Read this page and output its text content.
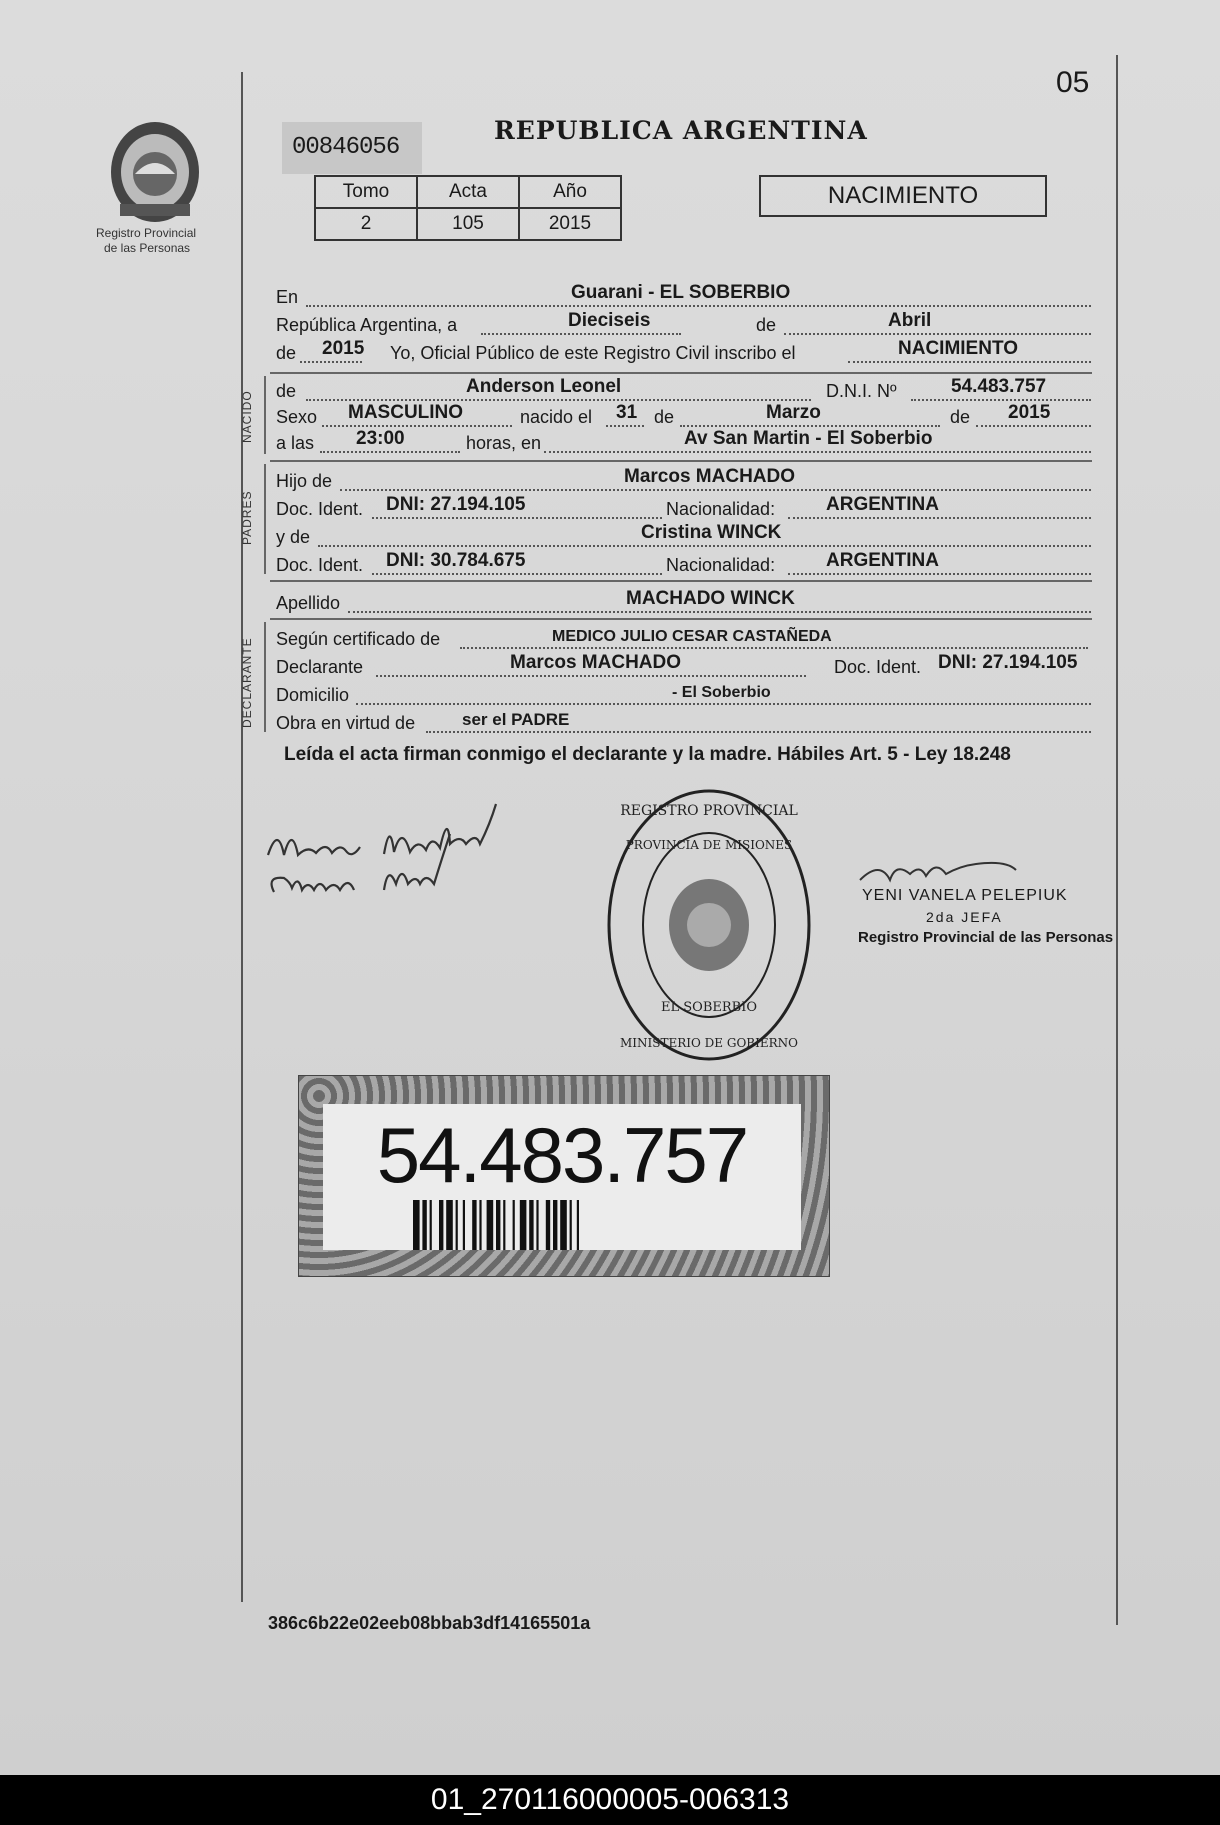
Registro Provincial
de las Personas
05
00846056
REPUBLICA ARGENTINA
Tomo	Acta	Año
2	105	2015
NACIMIENTO
En	Guarani - EL SOBERBIO
República Argentina, a	Dieciseis	de	Abril
de 2015 Yo, Oficial Público de este Registro Civil inscribo el	NACIMIENTO
NACIDO de	Anderson Leonel	D.N.I. Nº	54.483.757
Sexo MASCULINO	nacido el 31 de	Marzo	de 2015
a las 23:00	horas, en	Av San Martin - El Soberbio
PADRES
Hijo de	Marcos MACHADO
Doc. Ident. DNI: 27.194.105	Nacionalidad:	ARGENTINA
y de	Cristina WINCK
Doc. Ident. DNI: 30.784.675	Nacionalidad:	ARGENTINA
Apellido	MACHADO WINCK
DECLARANTE Según certificado de	MEDICO JULIO CESAR CASTAÑEDA
Declarante	Marcos MACHADO	Doc. Ident. DNI: 27.194.105
Domicilio	- El Soberbio
Obra en virtud de	ser el PADRE
Leída el acta firman conmigo el declarante y la madre. Hábiles Art. 5 - Ley 18.248
REGISTRO PROVINCIAL
PROVINCIA DE MISIONES
EL SOBERBIO
MINISTERIO DE GOBIERNO
YENI VANELA PELEPIUK
2da JEFA
Registro Provincial de las Personas
54.483.757
386c6b22e02eeb08bbab3df14165501a
01_270116000005-006313
